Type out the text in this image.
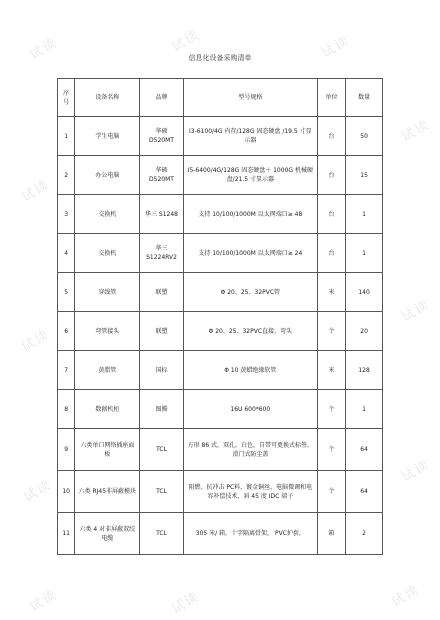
试读	试读	试读
试读
试读
试读
试读
试读
试读
试读
试读
试读
信息化设备采购清单
序号	设备名称	品牌	型号规格	单位	数量
1	学生电脑	华硕 D520MT	I3-6100/4G 内存/128G 固态硬盘 /19.5 寸显示器	台	50
2	办公电脑	华硕 D520MT	I5-6400/4G/128G 固态硬盘＋ 1000G 机械硬盘/21.5 寸显示器	台	15
3	交换机	华三 S1248	支持 10/100/1000M 以太网端口≥ 48	台	1
4	交换机	华三 S1224RV2	支持 10/100/1000M 以太网端口≥ 24	台	1
5	穿线管	联塑	Φ 20、25、32PVC管	米	140
6	弯管接头	联塑	Φ 20、25、32PVC直接、弯头	个	20
7	黄腊管	国标	Φ 10 黄蜡绝缘软管	米	128
8	数据机柜	图腾	16U 600*600	个	1
9	六类单口网络插座面板	TCL	方形 86 式，双孔，白色，自带可更换式标签，滑门式防尘盖	个	64
10	六类 RJ45非屏蔽模块	TCL	阻燃、抗冲击 PC料，镀金铜丝，电脑微调和电容补偿技术，斜 45 度 IDC 端子	个	64
11	六类 4 对非屏蔽双绞电缆	TCL	305 米/ 箱，十字隔离骨架， PVC护套，	箱	2
